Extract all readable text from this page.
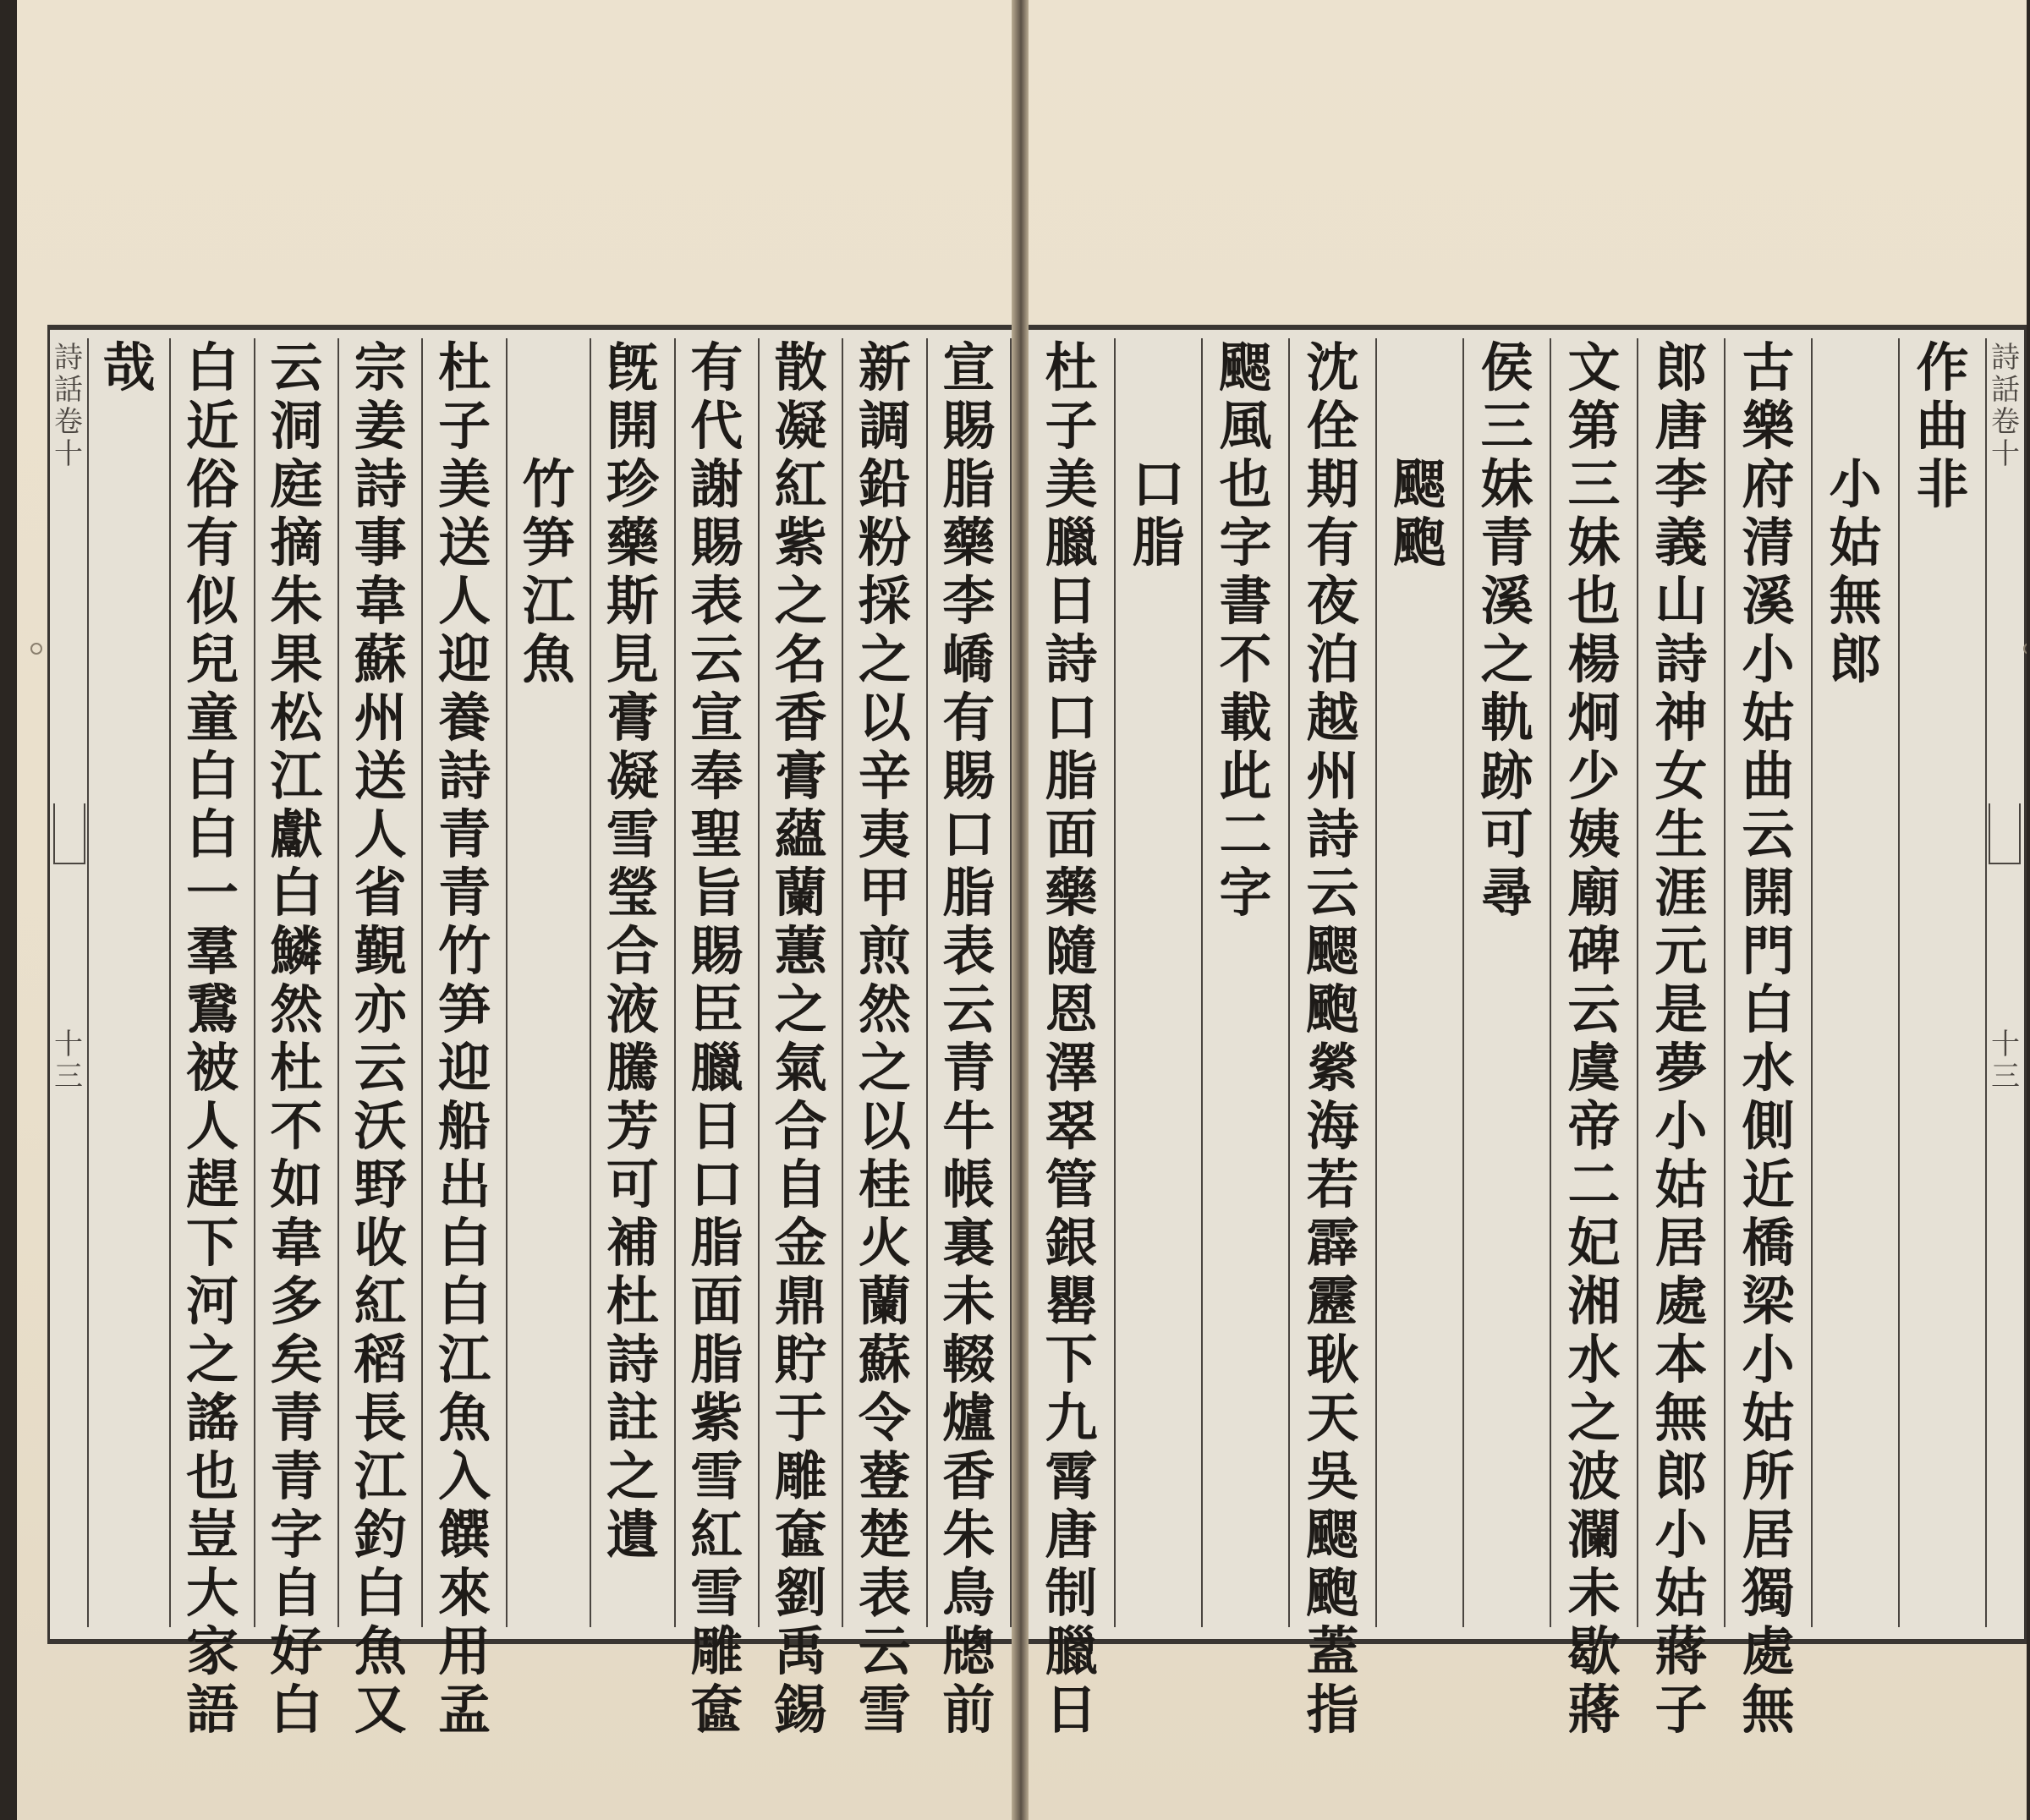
詩
話
卷
十
十
三
宣
賜
脂
藥
李
嶠
有
賜
口
脂
表
云
青
牛
帳
裏
未
輟
爐
香
朱
鳥
牕
前
新
調
鉛
粉
採
之
以
辛
夷
甲
煎
然
之
以
桂
火
蘭
蘇
令
䔲
楚
表
云
雪
散
凝
紅
紫
之
名
香
膏
蘊
蘭
蕙
之
氣
合
自
金
鼎
貯
于
雕
奩
劉
禹
錫
有
代
謝
賜
表
云
宣
奉
聖
旨
賜
臣
臘
日
口
脂
面
脂
紫
雪
紅
雪
雕
奩
旣
開
珍
藥
斯
見
膏
凝
雪
瑩
合
液
騰
芳
可
補
杜
詩
註
之
遺
竹
笋
江
魚
杜
子
美
送
人
迎
養
詩
青
青
竹
笋
迎
船
出
白
白
江
魚
入
饌
來
用
孟
宗
姜
詩
事
韋
蘇
州
送
人
省
覲
亦
云
沃
野
收
紅
稻
長
江
釣
白
魚
又
云
洞
庭
摘
朱
果
松
江
獻
白
鱗
然
杜
不
如
韋
多
矣
青
青
字
自
好
白
白
近
俗
有
似
兒
童
白
白
一
羣
鵞
被
人
趕
下
河
之
謠
也
豈
大
家
語
哉	詩
話
卷
十
十
三
作
曲
非
小
姑
無
郎
古
樂
府
清
溪
小
姑
曲
云
開
門
白
水
側
近
橋
梁
小
姑
所
居
獨
處
無
郎
唐
李
義
山
詩
神
女
生
涯
元
是
夢
小
姑
居
處
本
無
郎
小
姑
蔣
子
文
第
三
妹
也
楊
炯
少
姨
廟
碑
云
虞
帝
二
妃
湘
水
之
波
瀾
未
歇
蔣
侯
三
妹
青
溪
之
軌
跡
可
尋
颸
颮
沈
佺
期
有
夜
泊
越
州
詩
云
颸
颮
縈
海
若
霹
靂
耿
天
吳
颸
颮
蓋
指
颸
風
也
字
書
不
載
此
二
字
口
脂
杜
子
美
臘
日
詩
口
脂
面
藥
隨
恩
澤
翠
管
銀
罌
下
九
霄
唐
制
臘
日
